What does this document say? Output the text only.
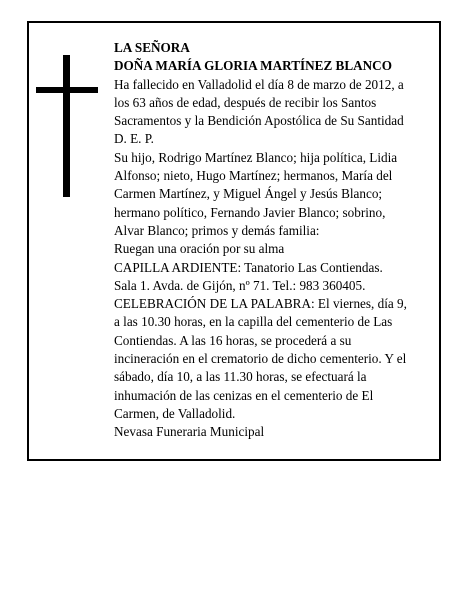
LA SEÑORA
DOÑA MARÍA GLORIA MARTÍNEZ BLANCO
Ha fallecido en Valladolid el día 8 de marzo de 2012, a
los 63 años de edad, después de recibir los Santos
Sacramentos y la Bendición Apostólica de Su Santidad
D. E. P.
Su hijo, Rodrigo Martínez Blanco; hija política, Lidia
Alfonso; nieto, Hugo Martínez; hermanos, María del
Carmen Martínez, y Miguel Ángel y Jesús Blanco;
hermano político, Fernando Javier Blanco; sobrino,
Alvar Blanco; primos y demás familia:
Ruegan una oración por su alma
CAPILLA ARDIENTE: Tanatorio Las Contiendas.
Sala 1. Avda. de Gijón, nº 71. Tel.: 983 360405.
CELEBRACIÓN DE LA PALABRA: El viernes, día 9,
a las 10.30 horas, en la capilla del cementerio de Las
Contiendas. A las 16 horas, se procederá a su
incineración en el crematorio de dicho cementerio. Y el
sábado, día 10, a las 11.30 horas, se efectuará la
inhumación de las cenizas en el cementerio de El
Carmen, de Valladolid.
Nevasa Funeraria Municipal
